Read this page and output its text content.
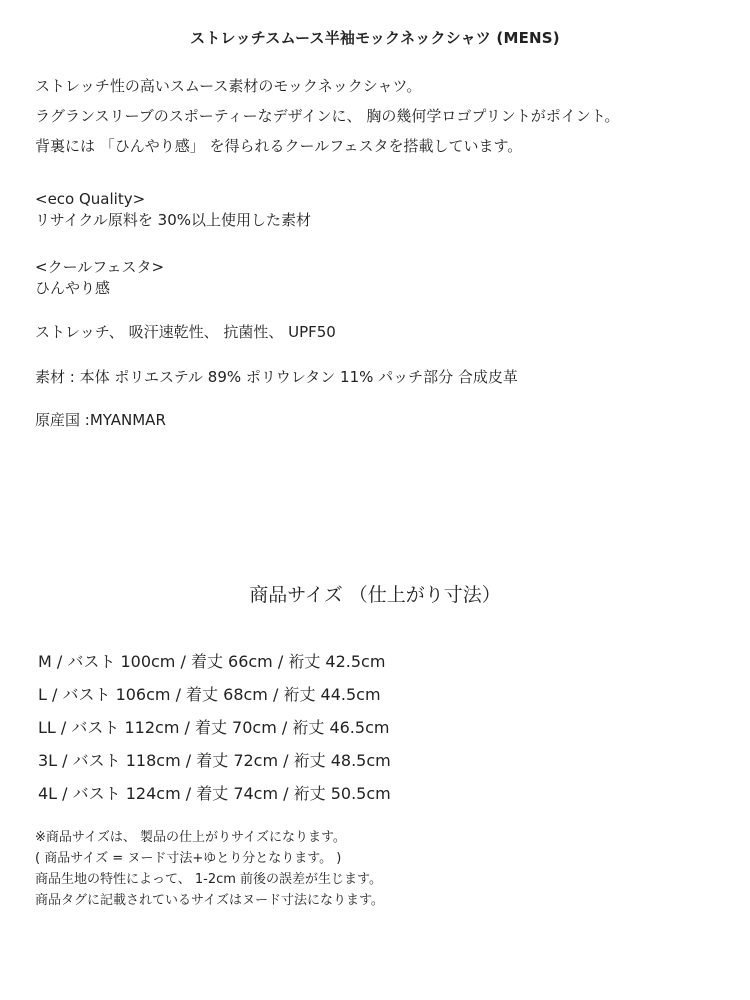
ストレッチスムース半袖モックネックシャツ (MENS)

ストレッチ性の高いスムース素材のモックネックシャツ。

ラグランスリーブのスポーティーなデザインに、 胸の幾何学ロゴプリントがポイント。

背裏には 「ひんやり感」 を得られるクールフェスタを搭載しています。

<eco Quality>
リサイクル原料を 30%以上使用した素材
<クールフェスタ>
ひんやり感
ストレッチ、 吸汗速乾性、 抗菌性、 UPF50
素材 : 本体 ポリエステル 89% ポリウレタン 11% パッチ部分 合成皮革
原産国 :MYANMAR
商品サイズ （仕上がり寸法）
M / バスト 100cm / 着丈 66cm / 裄丈 42.5cm
L / バスト 106cm / 着丈 68cm / 裄丈 44.5cm
LL / バスト 112cm / 着丈 70cm / 裄丈 46.5cm
3L / バスト 118cm / 着丈 72cm / 裄丈 48.5cm
4L / バスト 124cm / 着丈 74cm / 裄丈 50.5cm
※商品サイズは、 製品の仕上がりサイズになります。
( 商品サイズ = ヌード寸法+ゆとり分となります。 )
商品生地の特性によって、 1-2cm 前後の誤差が生じます。
商品タグに記載されているサイズはヌード寸法になります。
